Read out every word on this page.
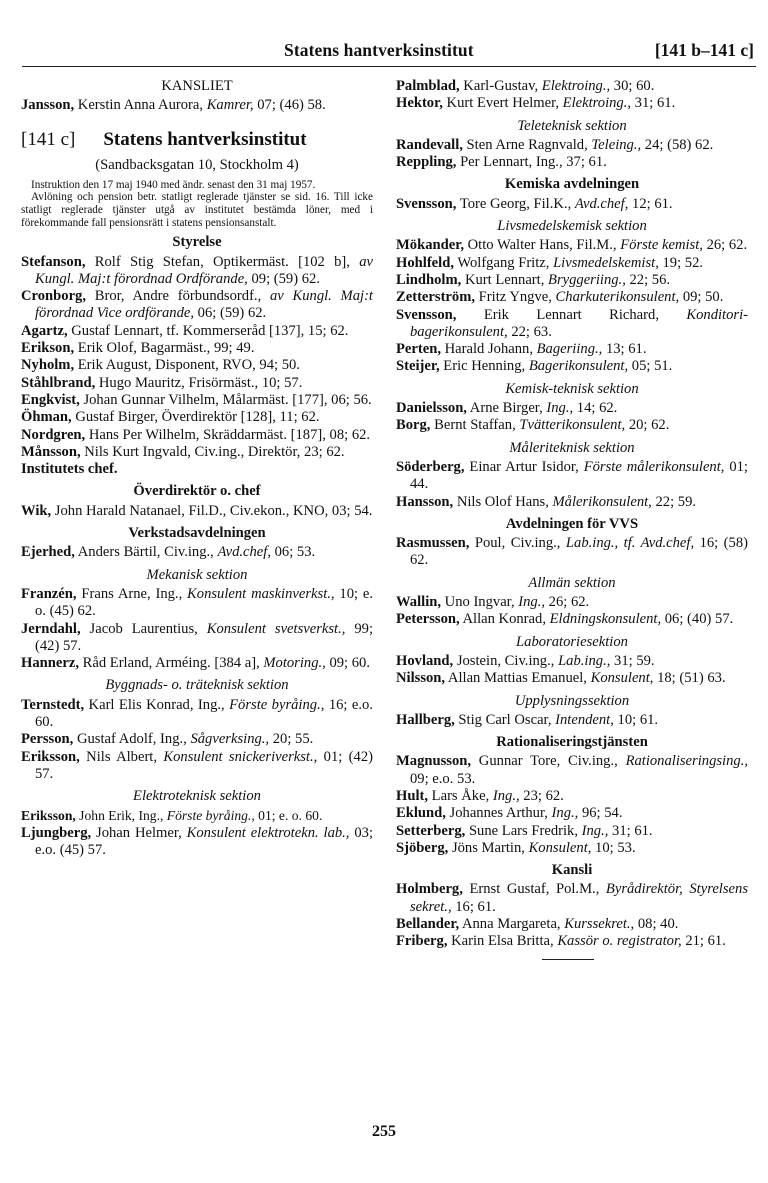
Statens hantverksinstitut	[141 b–141 c]

KANSLIET

Jansson, Kerstin Anna Aurora, Kamrer, 07; (46) 58.

[141 c] Statens hantverksinstitut

(Sandbacksgatan 10, Stockholm 4)

Instruktion den 17 maj 1940 med ändr. senast den 31 maj 1957.

Avlöning och pension betr. statligt reglerade tjänster se sid. 16. Till icke statligt reglerade tjänster utgå av institutet bestämda löner, med i förekommande fall pensionsrätt i statens pensionsanstalt.

Styrelse

Stefanson, Rolf Stig Stefan, Optikermäst. [102 b], av Kungl. Maj:t förordnad Ordförande, 09; (59) 62.

Cronborg, Bror, Andre förbundsordf., av Kungl. Maj:t förordnad Vice ordförande, 06; (59) 62.

Agartz, Gustaf Lennart, tf. Kommerseråd [137], 15; 62.

Erikson, Erik Olof, Bagarmäst., 99; 49.

Nyholm, Erik August, Disponent, RVO, 94; 50.

Ståhlbrand, Hugo Mauritz, Frisörmäst., 10; 57.

Engkvist, Johan Gunnar Vilhelm, Målarmäst. [177], 06; 56.

Öhman, Gustaf Birger, Överdirektör [128], 11; 62.

Nordgren, Hans Per Wilhelm, Skräddarmäst. [187], 08; 62.

Månsson, Nils Kurt Ingvald, Civ.ing., Direktör, 23; 62.

Institutets chef.

Överdirektör o. chef

Wik, John Harald Natanael, Fil.D., Civ.ekon., KNO, 03; 54.

Verkstadsavdelningen

Ejerhed, Anders Bärtil, Civ.ing., Avd.chef, 06; 53.

Mekanisk sektion

Franzén, Frans Arne, Ing., Konsulent maskinverkst., 10; e. o. (45) 62.

Jerndahl, Jacob Laurentius, Konsulent svetsverkst., 99; (42) 57.

Hannerz, Råd Erland, Arméing. [384 a], Motoring., 09; 60.

Byggnads- o. träteknisk sektion

Ternstedt, Karl Elis Konrad, Ing., Förste byråing., 16; e.o. 60.

Persson, Gustaf Adolf, Ing., Sågverksing., 20; 55.

Eriksson, Nils Albert, Konsulent snickeriverkst., 01; (42) 57.

Elektroteknisk sektion

Eriksson, John Erik, Ing., Förste byråing., 01; e. o. 60.

Ljungberg, Johan Helmer, Konsulent elektrotekn. lab., 03; e.o. (45) 57.

Palmblad, Karl-Gustav, Elektroing., 30; 60.

Hektor, Kurt Evert Helmer, Elektroing., 31; 61.

Teleteknisk sektion

Randevall, Sten Arne Ragnvald, Teleing., 24; (58) 62.

Reppling, Per Lennart, Ing., 37; 61.

Kemiska avdelningen

Svensson, Tore Georg, Fil.K., Avd.chef, 12; 61.

Livsmedelskemisk sektion

Mökander, Otto Walter Hans, Fil.M., Förste kemist, 26; 62.

Hohlfeld, Wolfgang Fritz, Livsmedelskemist, 19; 52.

Lindholm, Kurt Lennart, Bryggeriing., 22; 56.

Zetterström, Fritz Yngve, Charkuterikonsulent, 09; 50.

Svensson, Erik Lennart Richard, Konditori-bagerikonsulent, 22; 63.

Perten, Harald Johann, Bageriing., 13; 61.

Steijer, Eric Henning, Bagerikonsulent, 05; 51.

Kemisk-teknisk sektion

Danielsson, Arne Birger, Ing., 14; 62.

Borg, Bernt Staffan, Tvätterikonsulent, 20; 62.

Måleriteknisk sektion

Söderberg, Einar Artur Isidor, Förste målerikonsulent, 01; 44.

Hansson, Nils Olof Hans, Målerikonsulent, 22; 59.

Avdelningen för VVS

Rasmussen, Poul, Civ.ing., Lab.ing., tf. Avd.chef, 16; (58) 62.

Allmän sektion

Wallin, Uno Ingvar, Ing., 26; 62.

Petersson, Allan Konrad, Eldningskonsulent, 06; (40) 57.

Laboratoriesektion

Hovland, Jostein, Civ.ing., Lab.ing., 31; 59.

Nilsson, Allan Mattias Emanuel, Konsulent, 18; (51) 63.

Upplysningssektion

Hallberg, Stig Carl Oscar, Intendent, 10; 61.

Rationaliseringstjänsten

Magnusson, Gunnar Tore, Civ.ing., Rationaliseringsing., 09; e.o. 53.

Hult, Lars Åke, Ing., 23; 62.

Eklund, Johannes Arthur, Ing., 96; 54.

Setterberg, Sune Lars Fredrik, Ing., 31; 61.

Sjöberg, Jöns Martin, Konsulent, 10; 53.

Kansli

Holmberg, Ernst Gustaf, Pol.M., Byrådirektör, Styrelsens sekret., 16; 61.

Bellander, Anna Margareta, Kurssekret., 08; 40.

Friberg, Karin Elsa Britta, Kassör o. registrator, 21; 61.

255
